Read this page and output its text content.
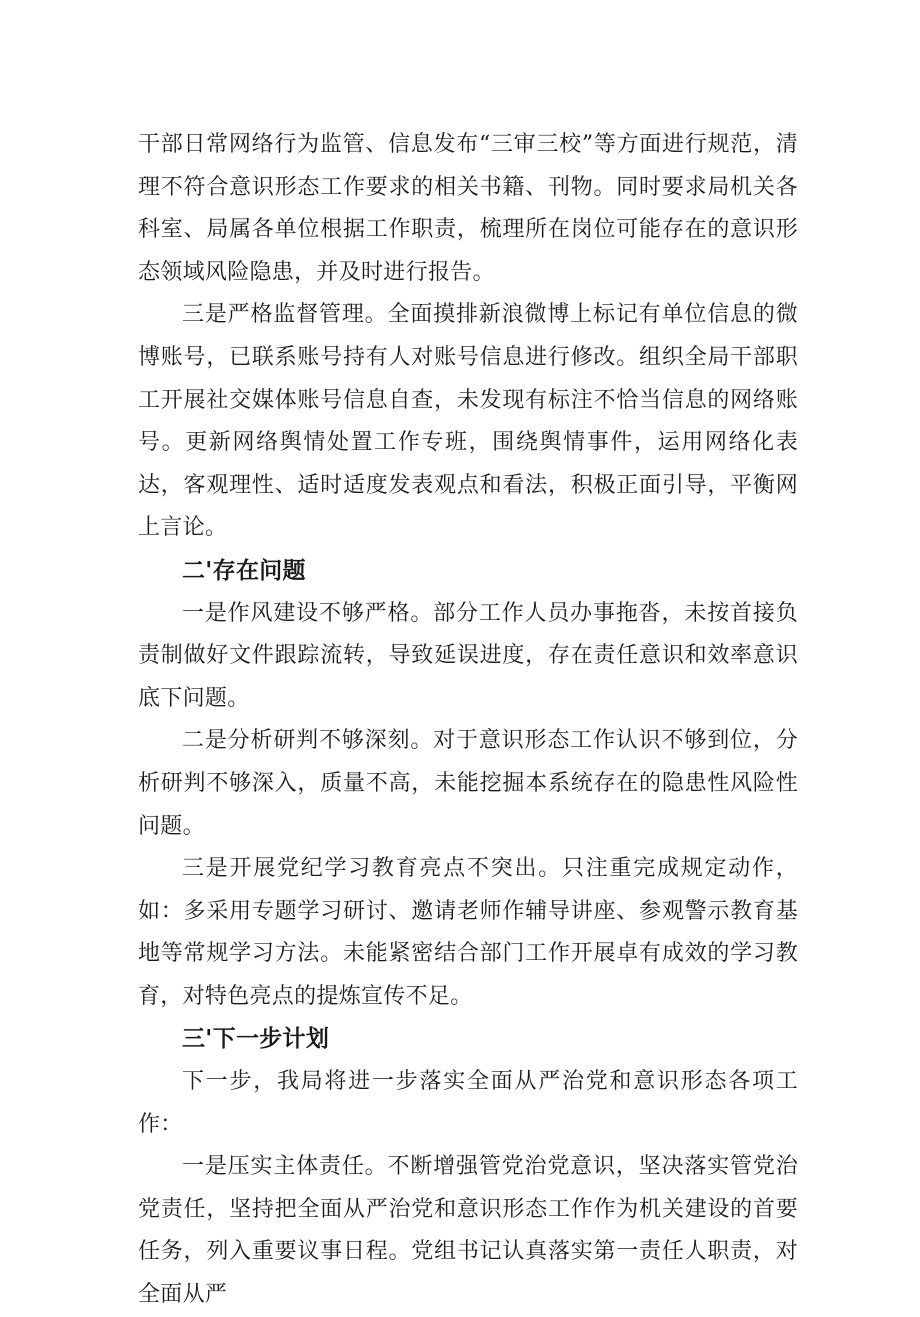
干部日常网络行为监管、信息发布“三审三校”等方面进行规范，清理不符合意识形态工作要求的相关书籍、刊物。同时要求局机关各科室、局属各单位根据工作职责，梳理所在岗位可能存在的意识形态领域风险隐患，并及时进行报告。

三是严格监督管理。全面摸排新浪微博上标记有单位信息的微博账号，已联系账号持有人对账号信息进行修改。组织全局干部职工开展社交媒体账号信息自查，未发现有标注不恰当信息的网络账号。更新网络舆情处置工作专班，围绕舆情事件，运用网络化表达，客观理性、适时适度发表观点和看法，积极正面引导，平衡网上言论。

二'存在问题

一是作风建设不够严格。部分工作人员办事拖沓，未按首接负责制做好文件跟踪流转，导致延误进度，存在责任意识和效率意识底下问题。

二是分析研判不够深刻。对于意识形态工作认识不够到位，分析研判不够深入，质量不高，未能挖掘本系统存在的隐患性风险性问题。

三是开展党纪学习教育亮点不突出。只注重完成规定动作，如：多采用专题学习研讨、邀请老师作辅导讲座、参观警示教育基地等常规学习方法。未能紧密结合部门工作开展卓有成效的学习教育，对特色亮点的提炼宣传不足。

三'下一步计划

下一步，我局将进一步落实全面从严治党和意识形态各项工作：

一是压实主体责任。不断增强管党治党意识，坚决落实管党治党责任，坚持把全面从严治党和意识形态工作作为机关建设的首要任务，列入重要议事日程。党组书记认真落实第一责任人职责，对全面从严
